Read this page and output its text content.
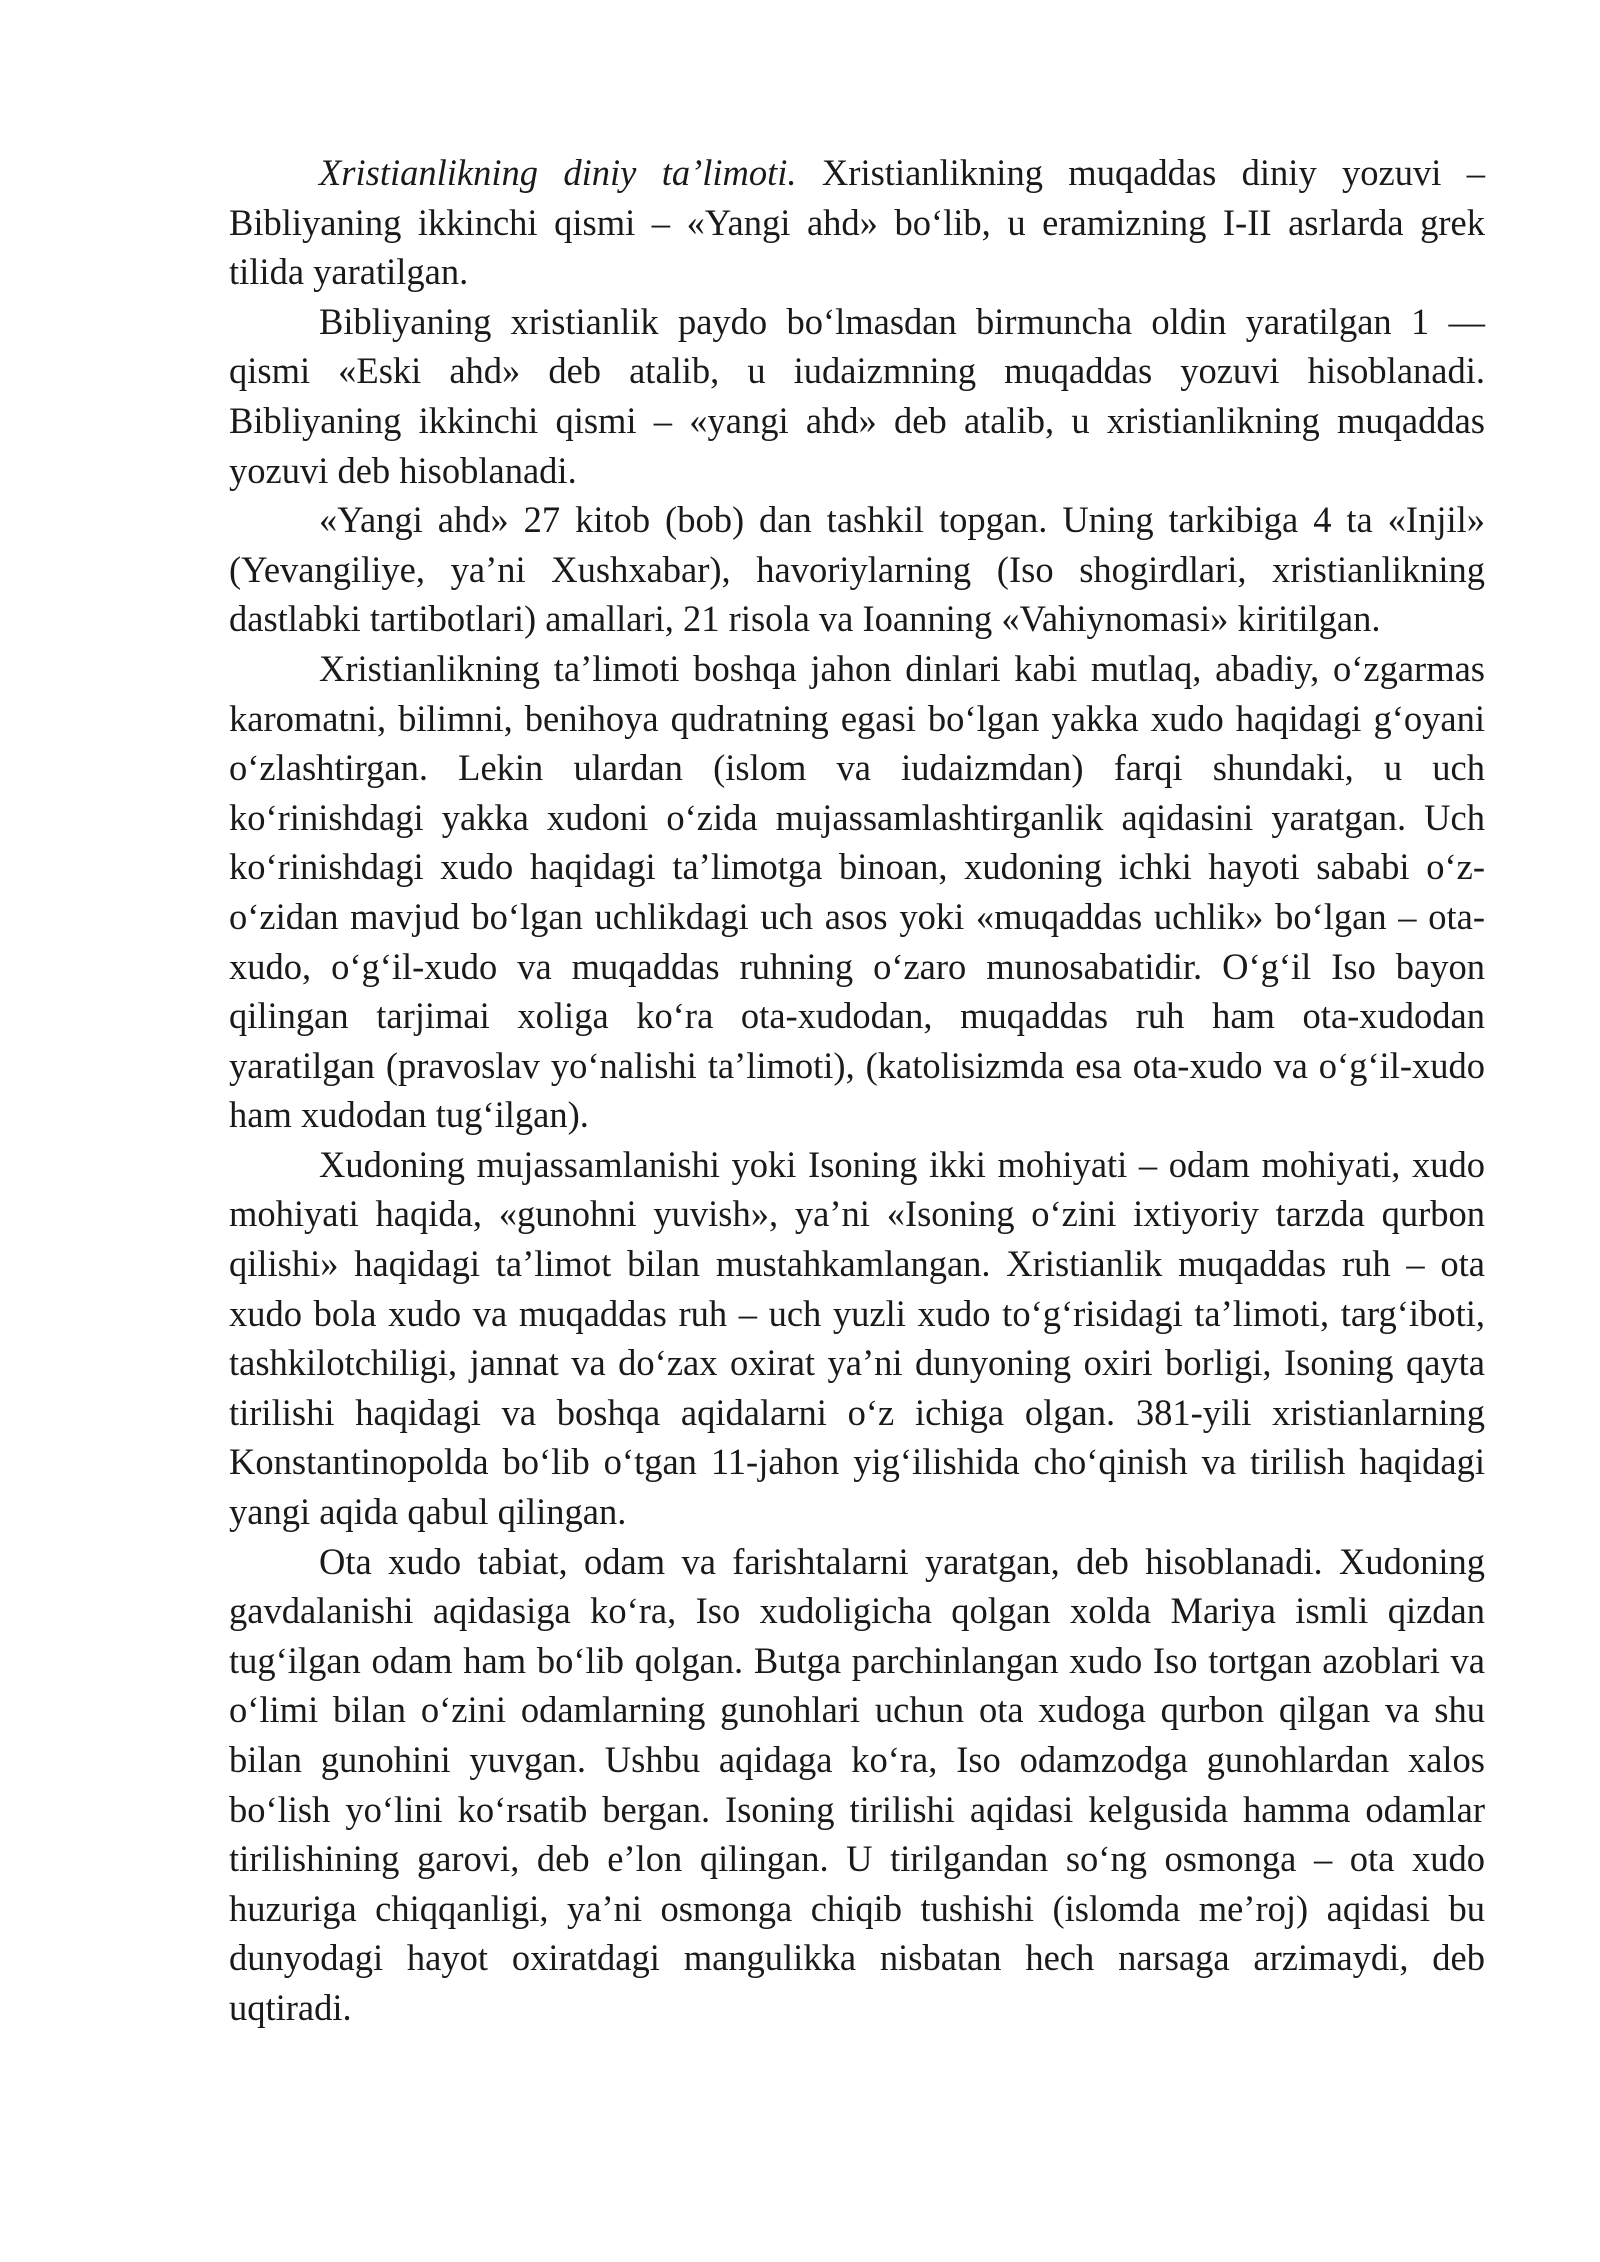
Xristianlikning diniy ta’limoti. Xristianlikning muqaddas diniy yozuvi – Bibliyaning ikkinchi qismi – «Yangi ahd» bo‘lib, u eramizning I-II asrlarda grek tilida yaratilgan.

Bibliyaning xristianlik paydo bo‘lmasdan birmuncha oldin yaratilgan 1 — qismi «Eski ahd» deb atalib, u iudaizmning muqaddas yozuvi hisoblanadi. Bibliyaning ikkinchi qismi – «yangi ahd» deb atalib, u xristianlikning muqaddas yozuvi deb hisoblanadi.

«Yangi ahd» 27 kitob (bob) dan tashkil topgan. Uning tarkibiga 4 ta «Injil» (Yevangiliye, ya’ni Xushxabar), havoriylarning (Iso shogirdlari, xristianlikning dastlabki tartibotlari) amallari, 21 risola va Ioanning «Vahiynomasi» kiritilgan.

Xristianlikning ta’limoti boshqa jahon dinlari kabi mutlaq, abadiy, o‘zgarmas karomatni, bilimni, benihoya qudratning egasi bo‘lgan yakka xudo haqidagi g‘oyani o‘zlashtirgan. Lekin ulardan (islom va iudaizmdan) farqi shundaki, u uch ko‘rinishdagi yakka xudoni o‘zida mujassamlashtirganlik aqidasini yaratgan. Uch ko‘rinishdagi xudo haqidagi ta’limotga binoan, xudoning ichki hayoti sababi o‘z-o‘zidan mavjud bo‘lgan uchlikdagi uch asos yoki «muqaddas uchlik» bo‘lgan – ota-xudo, o‘g‘il-xudo va muqaddas ruhning o‘zaro munosabatidir. O‘g‘il Iso bayon qilingan tarjimai xoliga ko‘ra ota-xudodan, muqaddas ruh ham ota-xudodan yaratilgan (pravoslav yo‘nalishi ta’limoti), (katolisizmda esa ota-xudo va o‘g‘il-xudo ham xudodan tug‘ilgan).

Xudoning mujassamlanishi yoki Isoning ikki mohiyati – odam mohiyati, xudo mohiyati haqida, «gunohni yuvish», ya’ni «Isoning o‘zini ixtiyoriy tarzda qurbon qilishi» haqidagi ta’limot bilan mustahkamlangan. Xristianlik muqaddas ruh – ota xudo bola xudo va muqaddas ruh – uch yuzli xudo to‘g‘risidagi ta’limoti, targ‘iboti, tashkilotchiligi, jannat va do‘zax oxirat ya’ni dunyoning oxiri borligi, Isoning qayta tirilishi haqidagi va boshqa aqidalarni o‘z ichiga olgan. 381-yili xristianlarning Konstantinopolda bo‘lib o‘tgan 11-jahon yig‘ilishida cho‘qinish va tirilish haqidagi yangi aqida qabul qilingan.

Ota xudo tabiat, odam va farishtalarni yaratgan, deb hisoblanadi. Xudoning gavdalanishi aqidasiga ko‘ra, Iso xudoligicha qolgan xolda Mariya ismli qizdan tug‘ilgan odam ham bo‘lib qolgan. Butga parchinlangan xudo Iso tortgan azoblari va o‘limi bilan o‘zini odamlarning gunohlari uchun ota xudoga qurbon qilgan va shu bilan gunohini yuvgan. Ushbu aqidaga ko‘ra, Iso odamzodga gunohlardan xalos bo‘lish yo‘lini ko‘rsatib bergan. Isoning tirilishi aqidasi kelgusida hamma odamlar tirilishining garovi, deb e’lon qilingan. U tirilgandan so‘ng osmonga – ota xudo huzuriga chiqqanligi, ya’ni osmonga chiqib tushishi (islomda me’roj) aqidasi bu dunyodagi hayot oxiratdagi mangulikka nisbatan hech narsaga arzimaydi, deb uqtiradi.
